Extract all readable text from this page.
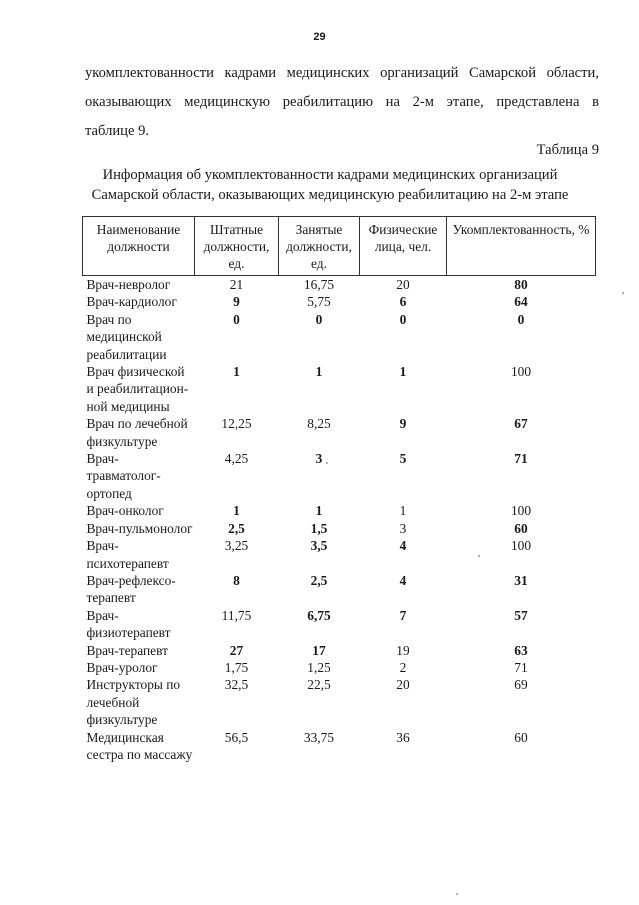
29
укомплектованности кадрами медицинских организаций Самарской области,
оказывающих медицинскую реабилитацию на 2-м этапе, представлена в
таблице 9.
Таблица 9
Информация об укомплектованности кадрами медицинских организаций
Самарской области, оказывающих медицинскую реабилитацию на 2-м этапе
Наименование должности	Штатные должности, ед.	Занятые должности, ед.	Физические лица, чел.	Укомплектованность, %
Врач-невролог	21	16,75	20	80
Врач-кардиолог	9	5,75	6	64
Врач по медицинской реабилитации	0	0	0	0
Врач физической и реабилитацион-ной медицины	1	1	1	100
Врач по лечебной физкультуре	12,25	8,25	9	67
Врач-травматолог-ортопед	4,25	3	5	71
Врач-онколог	1	1	1	100
Врач-пульмонолог	2,5	1,5	3	60
Врач-психотерапевт	3,25	3,5	4	100
Врач-рефлексо-терапевт	8	2,5	4	31
Врач-физиотерапевт	11,75	6,75	7	57
Врач-терапевт	27	17	19	63
Врач-уролог	1,75	1,25	2	71
Инструкторы по лечебной физкультуре	32,5	22,5	20	69
Медицинская сестра по массажу	56,5	33,75	36	60
